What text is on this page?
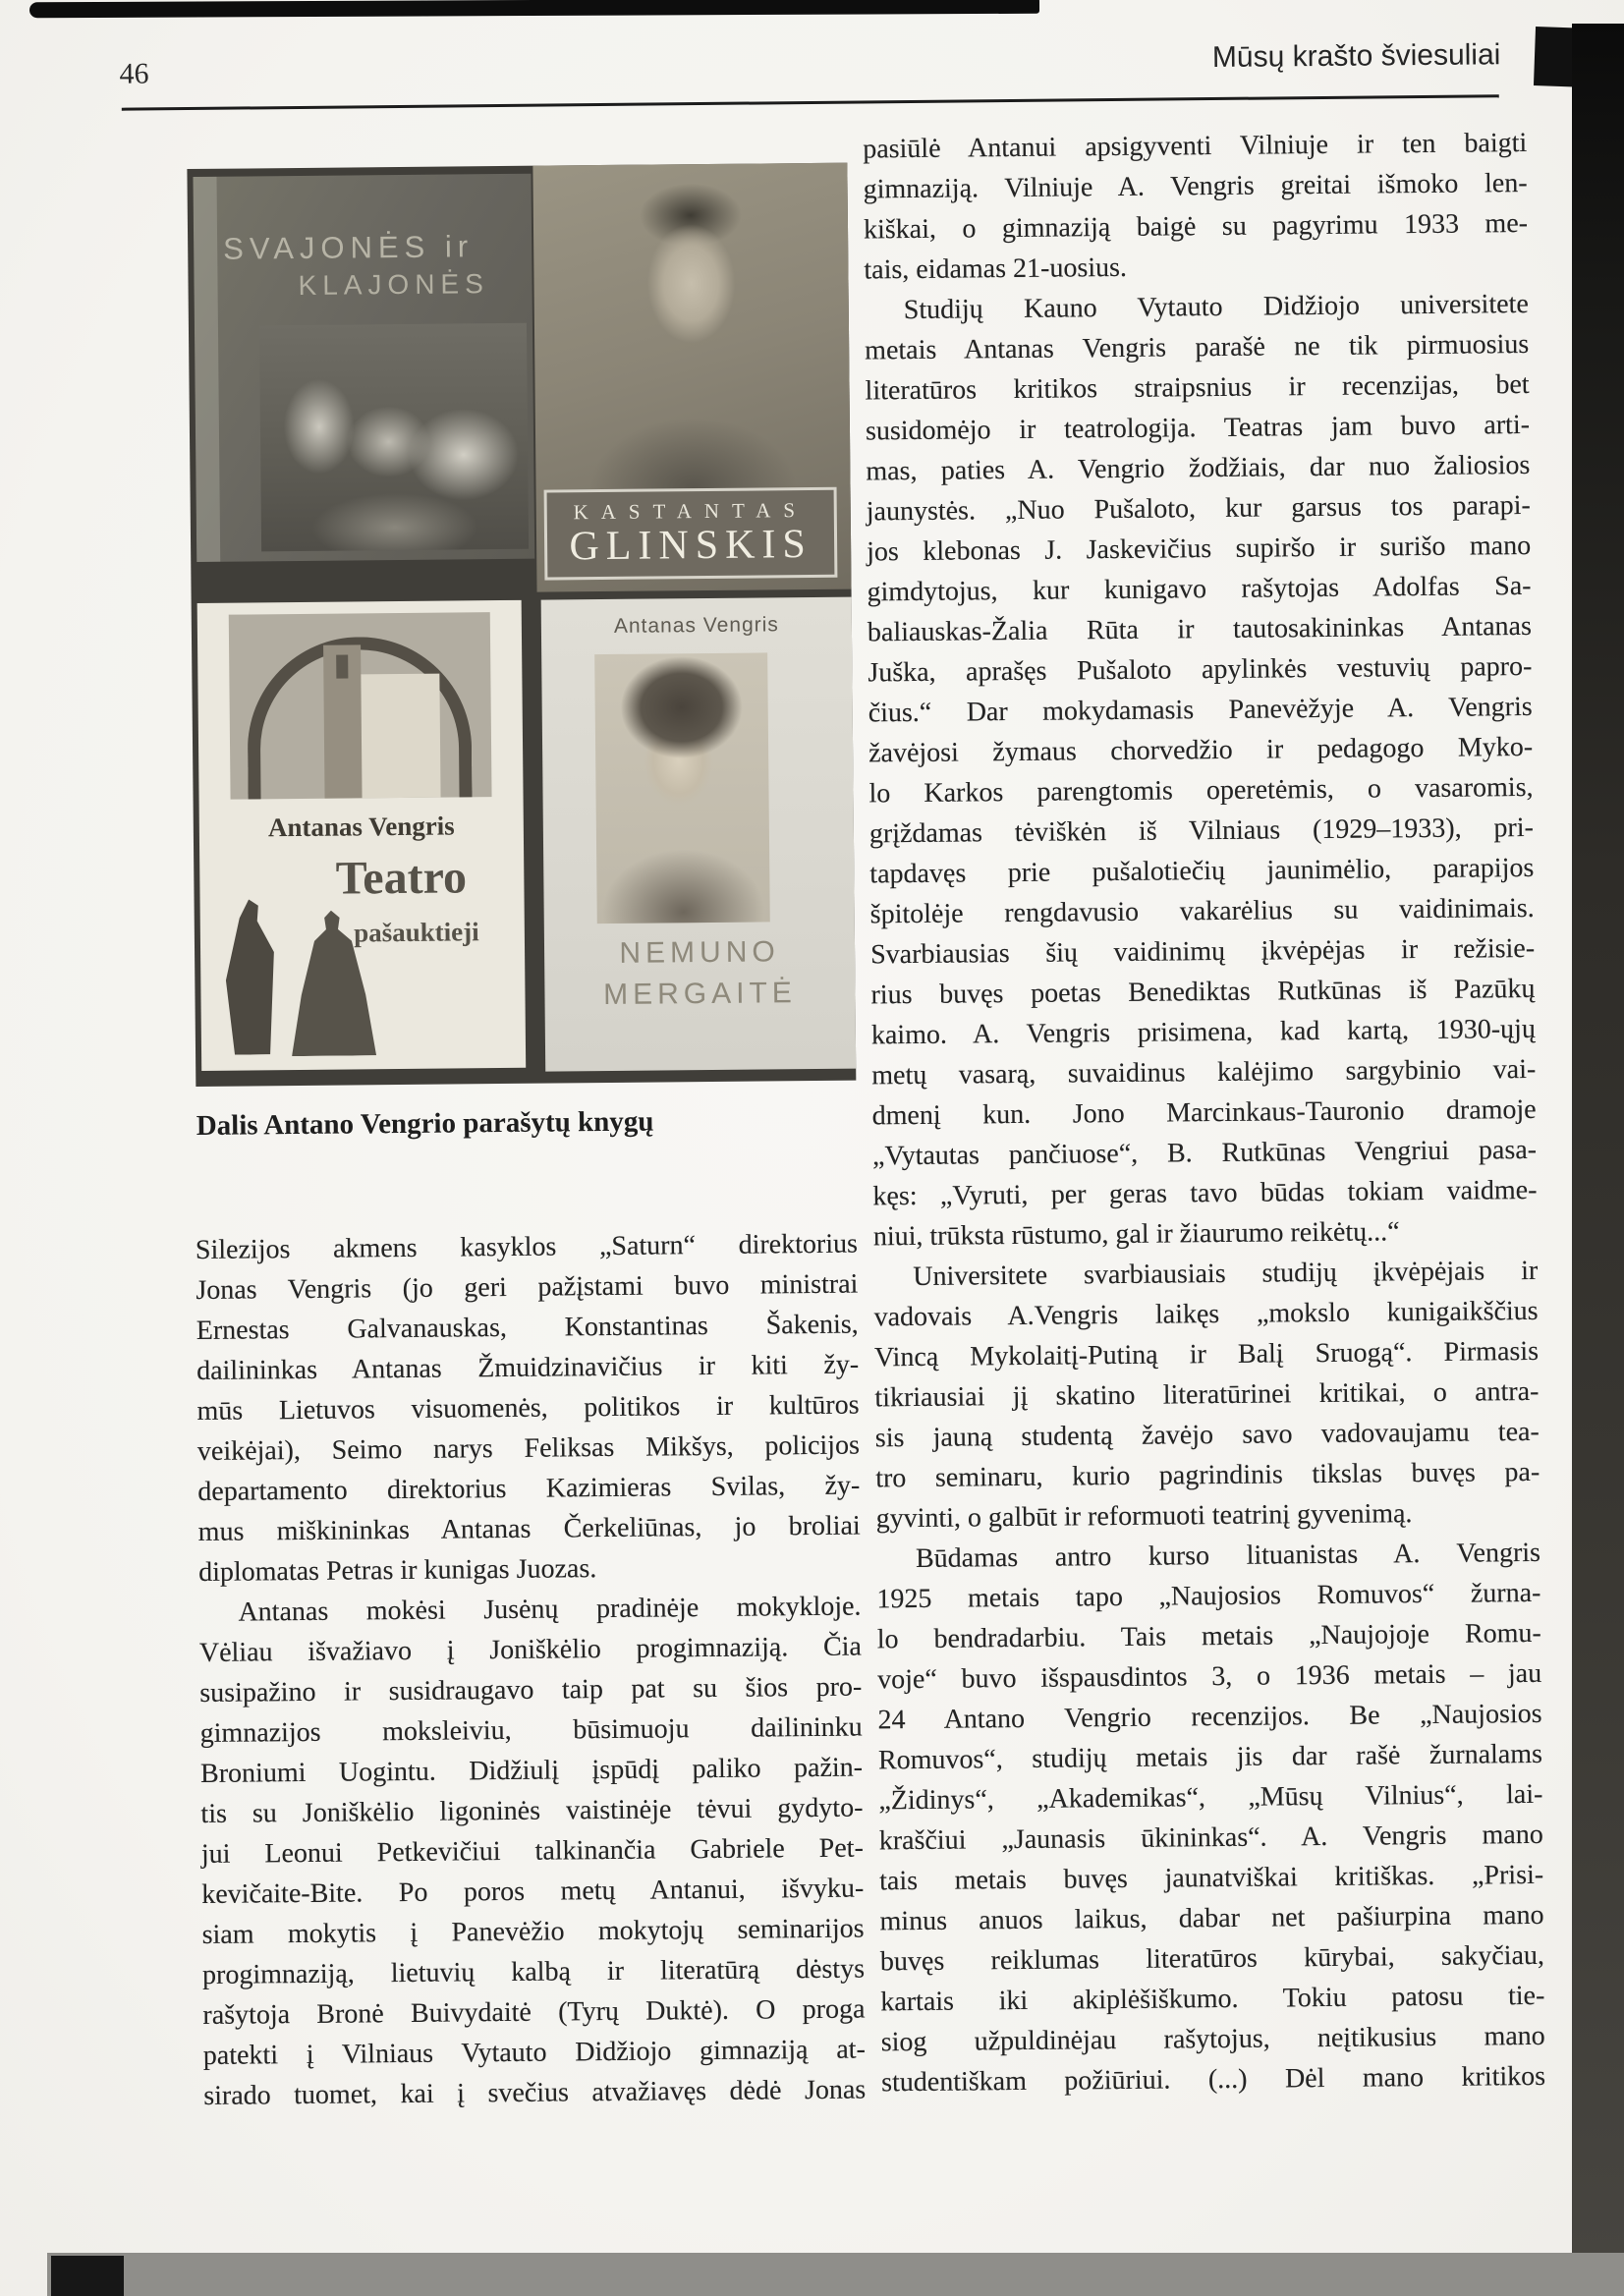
46
Mūsų krašto šviesuliai
SVAJONĖS ir
KLAJONĖS
KASTANTAS
GLINSKIS
Antanas Vengris
Teatro
pašauktieji
Antanas Vengris
NEMUNO
MERGAITĖ
Dalis Antano Vengrio parašytų knygų
Silezijos akmens kasyklos „Saturn“ direktorius
Jonas Vengris (jo geri pažįstami buvo ministrai
Ernestas Galvanauskas, Konstantinas Šakenis,
dailininkas Antanas Žmuidzinavičius ir kiti žy-
mūs Lietuvos visuomenės, politikos ir kultūros
veikėjai), Seimo narys Feliksas Mikšys, policijos
departamento direktorius Kazimieras Svilas, žy-
mus miškininkas Antanas Čerkeliūnas, jo broliai
diplomatas Petras ir kunigas Juozas.
Antanas mokėsi Jusėnų pradinėje mokykloje.
Vėliau išvažiavo į Joniškėlio progimnaziją. Čia
susipažino ir susidraugavo taip pat su šios pro-
gimnazijos moksleiviu, būsimuoju dailininku
Broniumi Uogintu. Didžiulį įspūdį paliko pažin-
tis su Joniškėlio ligoninės vaistinėje tėvui gydyto-
jui Leonui Petkevičiui talkinančia Gabriele Pet-
kevičaite-Bite. Po poros metų Antanui, išvyku-
siam mokytis į Panevėžio mokytojų seminarijos
progimnaziją, lietuvių kalbą ir literatūrą dėstys
rašytoja Bronė Buivydaitė (Tyrų Duktė). O proga
patekti į Vilniaus Vytauto Didžiojo gimnaziją at-
sirado tuomet, kai į svečius atvažiavęs dėdė Jonas
pasiūlė Antanui apsigyventi Vilniuje ir ten baigti
gimnaziją. Vilniuje A. Vengris greitai išmoko len-
kiškai, o gimnaziją baigė su pagyrimu 1933 me-
tais, eidamas 21-uosius.
Studijų Kauno Vytauto Didžiojo universitete
metais Antanas Vengris parašė ne tik pirmuosius
literatūros kritikos straipsnius ir recenzijas, bet
susidomėjo ir teatrologija. Teatras jam buvo arti-
mas, paties A. Vengrio žodžiais, dar nuo žaliosios
jaunystės. „Nuo Pušaloto, kur garsus tos parapi-
jos klebonas J. Jaskevičius supiršo ir surišo mano
gimdytojus, kur kunigavo rašytojas Adolfas Sa-
baliauskas-Žalia Rūta ir tautosakininkas Antanas
Juška, aprašęs Pušaloto apylinkės vestuvių papro-
čius.“ Dar mokydamasis Panevėžyje A. Vengris
žavėjosi žymaus chorvedžio ir pedagogo Myko-
lo Karkos parengtomis operetėmis, o vasaromis,
grįždamas tėviškėn iš Vilniaus (1929–1933), pri-
tapdavęs prie pušalotiečių jaunimėlio, parapijos
špitolėje rengdavusio vakarėlius su vaidinimais.
Svarbiausias šių vaidinimų įkvėpėjas ir režisie-
rius buvęs poetas Benediktas Rutkūnas iš Pazūkų
kaimo. A. Vengris prisimena, kad kartą, 1930-ųjų
metų vasarą, suvaidinus kalėjimo sargybinio vai-
dmenį kun. Jono Marcinkaus-Tauronio dramoje
„Vytautas pančiuose“, B. Rutkūnas Vengriui pasa-
kęs: „Vyruti, per geras tavo būdas tokiam vaidme-
niui, trūksta rūstumo, gal ir žiaurumo reikėtų...“
Universitete svarbiausiais studijų įkvėpėjais ir
vadovais A.Vengris laikęs „mokslo kunigaikščius
Vincą Mykolaitį-Putiną ir Balį Sruogą“. Pirmasis
tikriausiai jį skatino literatūrinei kritikai, o antra-
sis jauną studentą žavėjo savo vadovaujamu tea-
tro seminaru, kurio pagrindinis tikslas buvęs pa-
gyvinti, o galbūt ir reformuoti teatrinį gyvenimą.
Būdamas antro kurso lituanistas A. Vengris
1925 metais tapo „Naujosios Romuvos“ žurna-
lo bendradarbiu. Tais metais „Naujojoje Romu-
voje“ buvo išspausdintos 3, o 1936 metais – jau
24 Antano Vengrio recenzijos. Be „Naujosios
Romuvos“, studijų metais jis dar rašė žurnalams
„Židinys“, „Akademikas“, „Mūsų Vilnius“, lai-
kraščiui „Jaunasis ūkininkas“. A. Vengris mano
tais metais buvęs jaunatviškai kritiškas. „Prisi-
minus anuos laikus, dabar net pašiurpina mano
buvęs reiklumas literatūros kūrybai, sakyčiau,
kartais iki akiplėšiškumo. Tokiu patosu tie-
siog užpuldinėjau rašytojus, neįtikusius mano
studentiškam požiūriui. (...) Dėl mano kritikos
